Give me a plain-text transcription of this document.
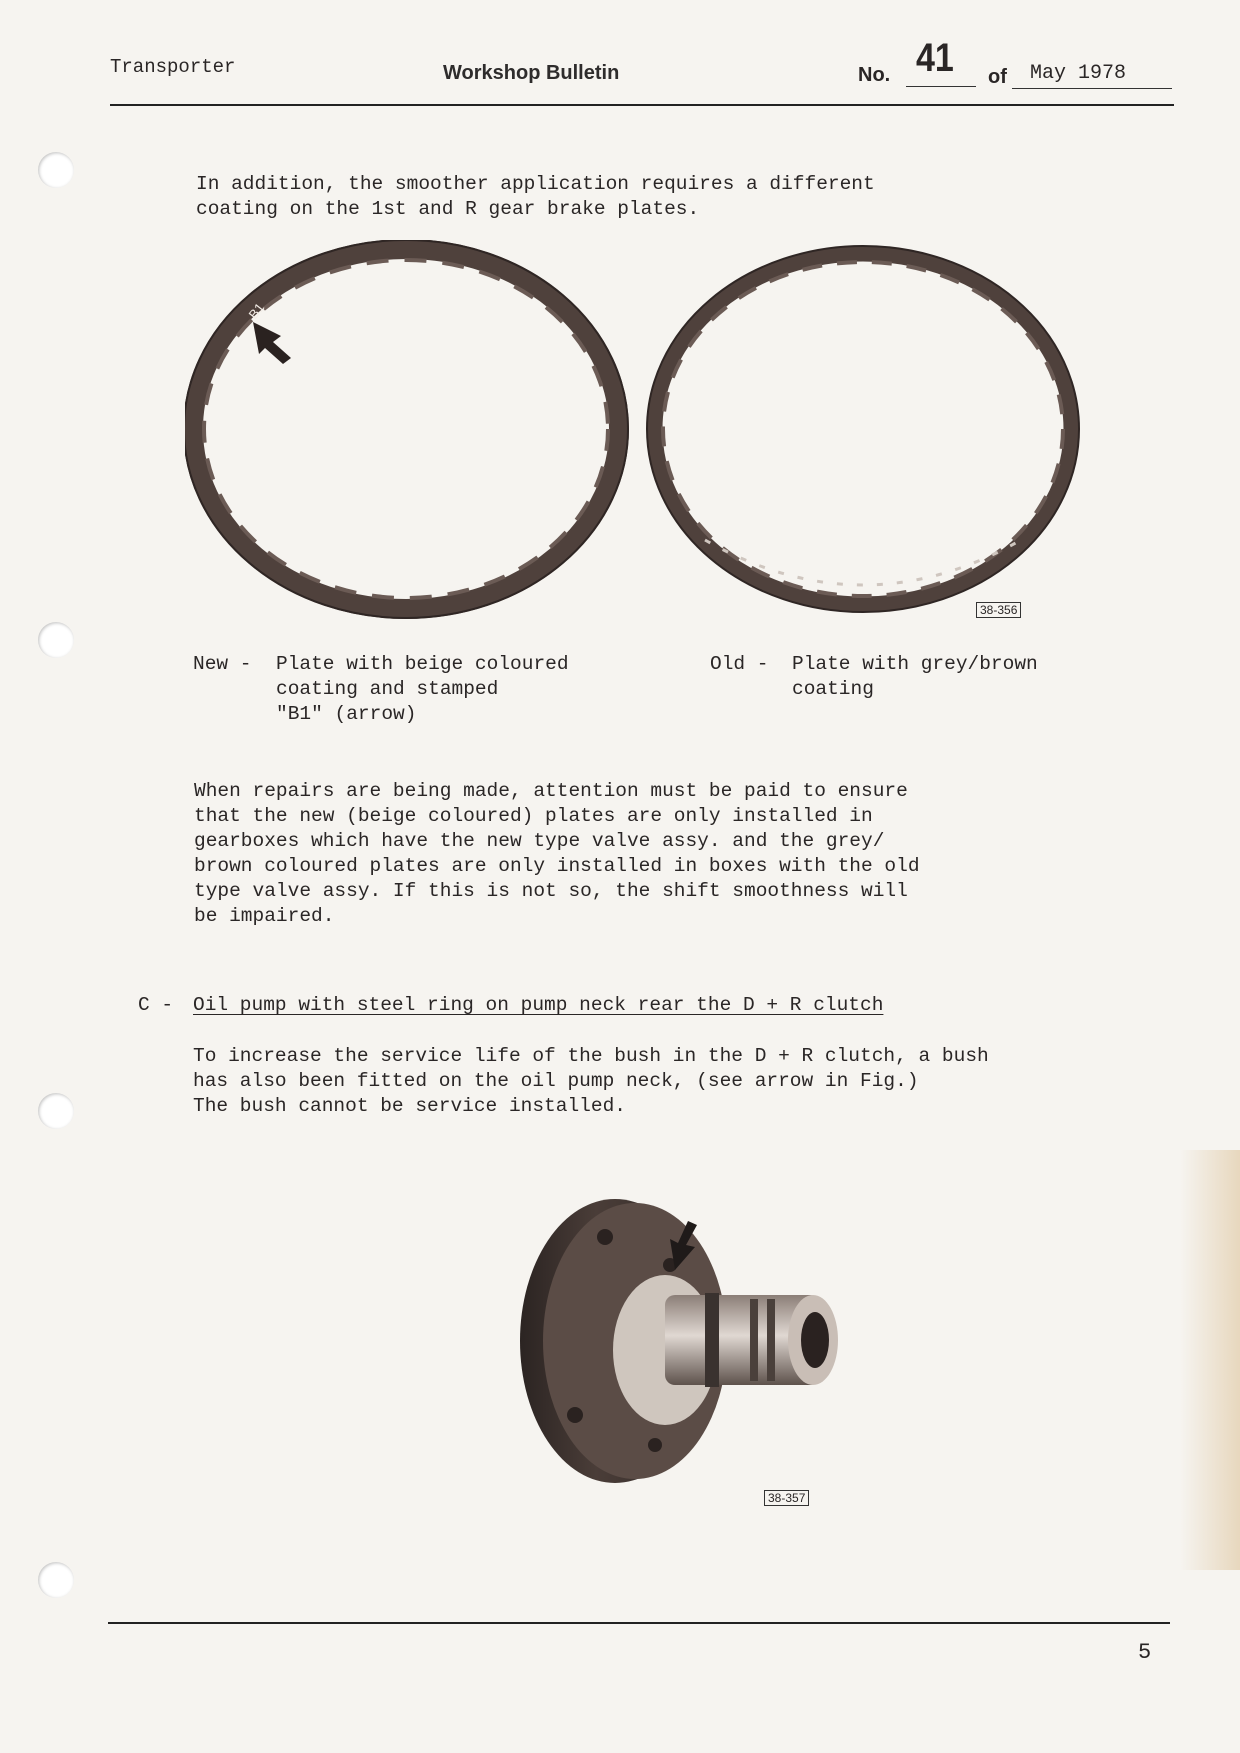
Transporter	Workshop Bulletin	No. 41 of May 1978
In addition, the smoother application requires a different
coating on the 1st and R gear brake plates.
B1
38-356
New - Plate with beige coloured
coating and stamped
"B1" (arrow)
Old - Plate with grey/brown
coating
When repairs are being made, attention must be paid to ensure
that the new (beige coloured) plates are only installed in
gearboxes which have the new type valve assy. and the grey/
brown coloured plates are only installed in boxes with the old
type valve assy. If this is not so, the shift smoothness will
be impaired.
C - Oil pump with steel ring on pump neck rear the D + R clutch
To increase the service life of the bush in the D + R clutch, a bush
has also been fitted on the oil pump neck, (see arrow in Fig.)
The bush cannot be service installed.
38-357
5
